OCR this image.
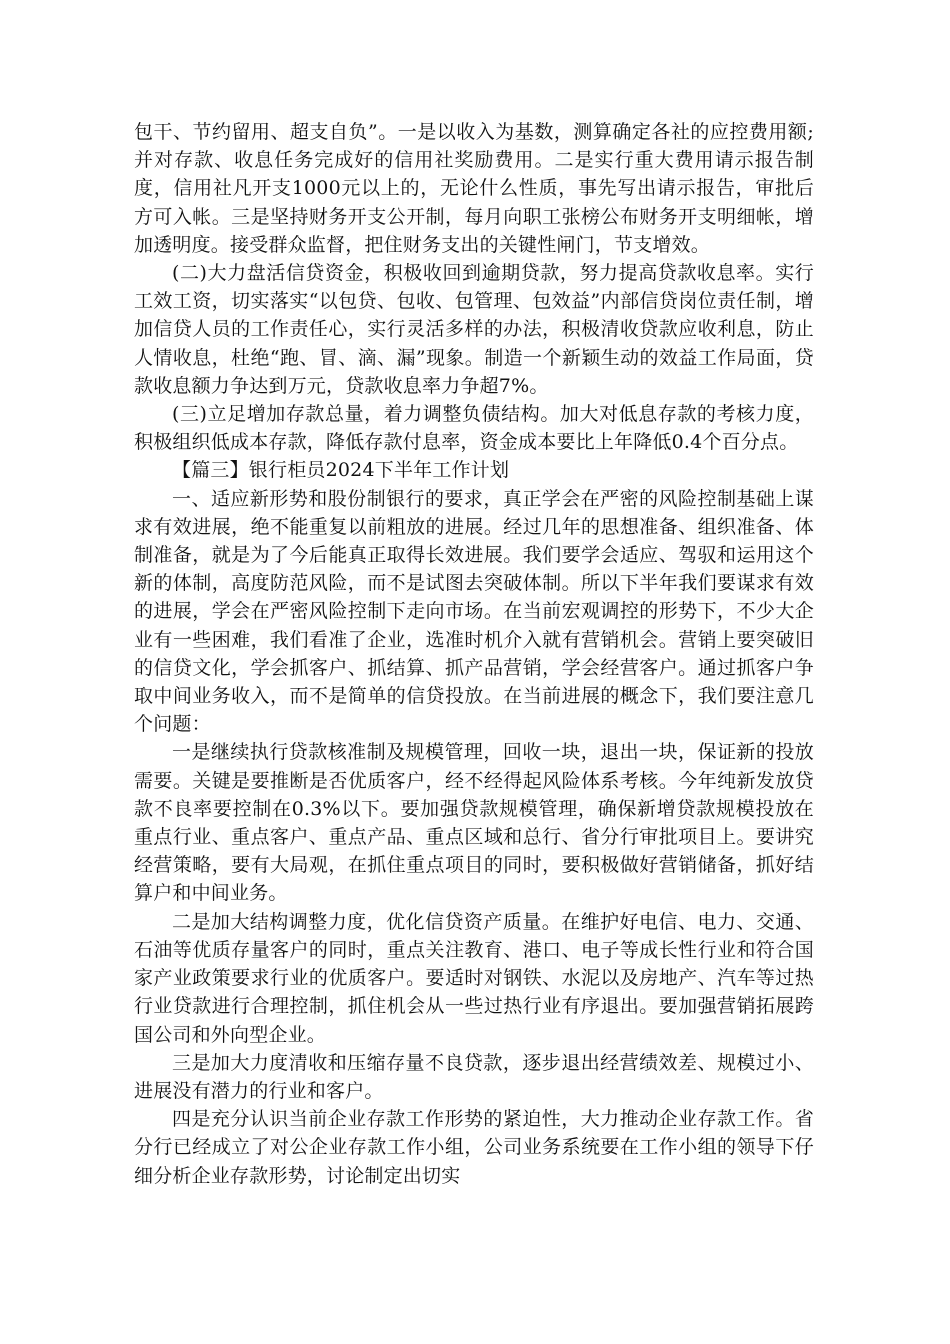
包干、节约留用、超支自负”。一是以收入为基数，测算确定各社的应控费用额;并对存款、收息任务完成好的信用社奖励费用。二是实行重大费用请示报告制度，信用社凡开支1000元以上的，无论什么性质，事先写出请示报告，审批后方可入帐。三是坚持财务开支公开制，每月向职工张榜公布财务开支明细帐，增加透明度。接受群众监督，把住财务支出的关键性闸门，节支增效。

(二)大力盘活信贷资金，积极收回到逾期贷款，努力提高贷款收息率。实行工效工资，切实落实“以包贷、包收、包管理、包效益”内部信贷岗位责任制，增加信贷人员的工作责任心，实行灵活多样的办法，积极清收贷款应收利息，防止人情收息，杜绝“跑、冒、滴、漏”现象。制造一个新颖生动的效益工作局面，贷款收息额力争达到万元，贷款收息率力争超7%。

(三)立足增加存款总量，着力调整负债结构。加大对低息存款的考核力度，积极组织低成本存款，降低存款付息率，资金成本要比上年降低0.4个百分点。

【篇三】银行柜员2024下半年工作计划

一、适应新形势和股份制银行的要求，真正学会在严密的风险控制基础上谋求有效进展，绝不能重复以前粗放的进展。经过几年的思想准备、组织准备、体制准备，就是为了今后能真正取得长效进展。我们要学会适应、驾驭和运用这个新的体制，高度防范风险，而不是试图去突破体制。所以下半年我们要谋求有效的进展，学会在严密风险控制下走向市场。在当前宏观调控的形势下，不少大企业有一些困难，我们看准了企业，选准时机介入就有营销机会。营销上要突破旧的信贷文化，学会抓客户、抓结算、抓产品营销，学会经营客户。通过抓客户争取中间业务收入，而不是简单的信贷投放。在当前进展的概念下，我们要注意几个问题：

一是继续执行贷款核准制及规模管理，回收一块，退出一块，保证新的投放需要。关键是要推断是否优质客户，经不经得起风险体系考核。今年纯新发放贷款不良率要控制在0.3%以下。要加强贷款规模管理，确保新增贷款规模投放在重点行业、重点客户、重点产品、重点区域和总行、省分行审批项目上。要讲究经营策略，要有大局观，在抓住重点项目的同时，要积极做好营销储备，抓好结算户和中间业务。

二是加大结构调整力度，优化信贷资产质量。在维护好电信、电力、交通、石油等优质存量客户的同时，重点关注教育、港口、电子等成长性行业和符合国家产业政策要求行业的优质客户。要适时对钢铁、水泥以及房地产、汽车等过热行业贷款进行合理控制，抓住机会从一些过热行业有序退出。要加强营销拓展跨国公司和外向型企业。

三是加大力度清收和压缩存量不良贷款，逐步退出经营绩效差、规模过小、进展没有潜力的行业和客户。

四是充分认识当前企业存款工作形势的紧迫性，大力推动企业存款工作。省分行已经成立了对公企业存款工作小组，公司业务系统要在工作小组的领导下仔细分析企业存款形势，讨论制定出切实
